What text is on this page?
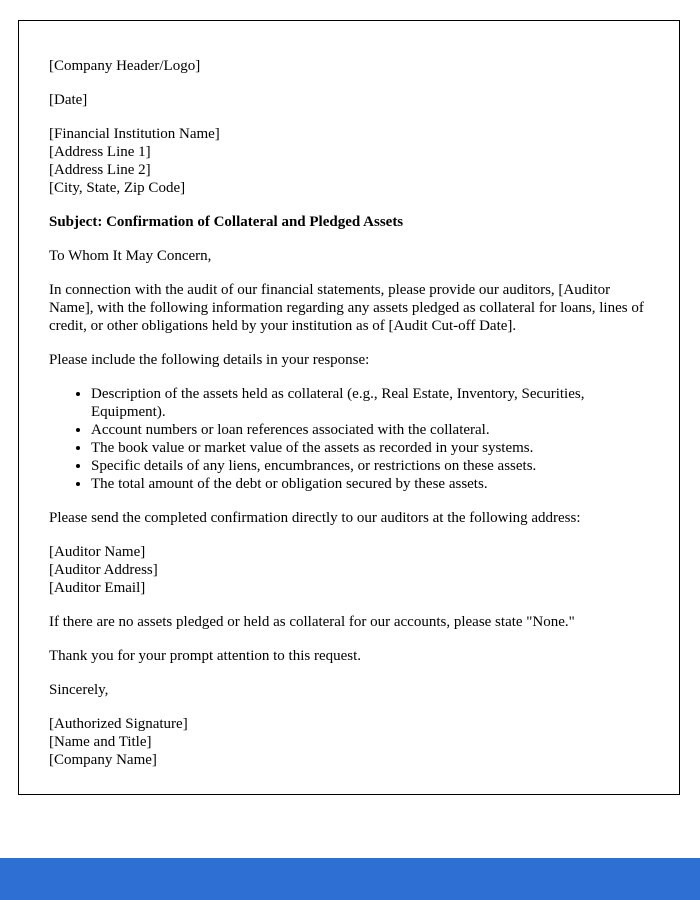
[Company Header/Logo]
[Date]
[Financial Institution Name]
[Address Line 1]
[Address Line 2]
[City, State, Zip Code]
Subject: Confirmation of Collateral and Pledged Assets
To Whom It May Concern,
In connection with the audit of our financial statements, please provide our auditors, [Auditor Name], with the following information regarding any assets pledged as collateral for loans, lines of credit, or other obligations held by your institution as of [Audit Cut-off Date].
Please include the following details in your response:
• Description of the assets held as collateral (e.g., Real Estate, Inventory, Securities, Equipment).
• Account numbers or loan references associated with the collateral.
• The book value or market value of the assets as recorded in your systems.
• Specific details of any liens, encumbrances, or restrictions on these assets.
• The total amount of the debt or obligation secured by these assets.
Please send the completed confirmation directly to our auditors at the following address:
[Auditor Name]
[Auditor Address]
[Auditor Email]
If there are no assets pledged or held as collateral for our accounts, please state "None."
Thank you for your prompt attention to this request.
Sincerely,
[Authorized Signature]
[Name and Title]
[Company Name]
